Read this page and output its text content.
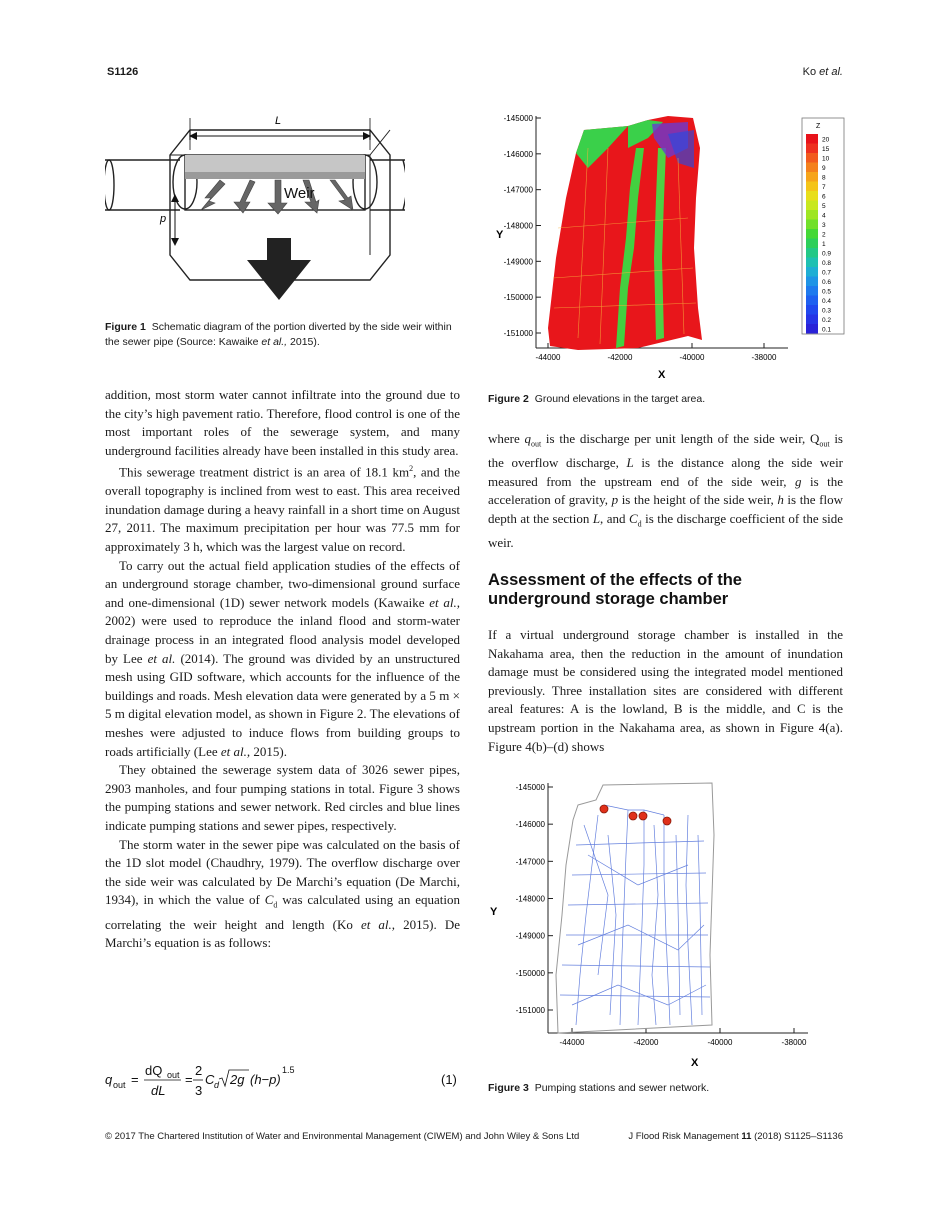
S1126	Ko et al.
L
p
Weir
Figure 1 Schematic diagram of the portion diverted by the side weir within the sewer pipe (Source: Kawaike et al., 2015).
-145000
-146000
-147000
-148000
-149000
-150000
-151000
-44000	-42000	-40000	-38000
Y
X
Z
20
15
10
9
8
7
6
5
4
3
2
1
0.9
0.8
0.7
0.6
0.5
0.4
0.3
0.2
0.1
Figure 2 Ground elevations in the target area.
-145000
-146000
-147000
-148000
-149000
-150000
-151000
-44000	-42000	-40000	-38000
Y
X
Figure 3 Pumping stations and sewer network.

addition, most storm water cannot infiltrate into the ground due to the city’s high pavement ratio. Therefore, flood control is one of the most important roles of the sewerage system, and many underground facilities already have been installed in this study area.

This sewerage treatment district is an area of 18.1 $km^2$, and the overall topography is inclined from west to east. This area received inundation damage during a heavy rainfall in a short time on August 27, 2011. The maximum precipitation per hour was 77.5 mm for approximately 3 h, which was the largest value on record.

To carry out the actual field application studies of the effects of an underground storage chamber, two-dimensional ground surface and one-dimensional (1D) sewer network models (Kawaike et al., 2002) were used to reproduce the inland flood and storm-water drainage process in an integrated flood analysis model developed by Lee et al. (2014). The ground was divided by an unstructured mesh using GID software, which accounts for the influence of the buildings and roads. Mesh elevation data were generated by a 5 m × 5 m digital elevation model, as shown in Figure 2. The elevations of meshes were adjusted to induce flows from building groups to roads artificially (Lee et al., 2015).

They obtained the sewerage system data of 3026 sewer pipes, 2903 manholes, and four pumping stations in total. Figure 3 shows the pumping stations and sewer network. Red circles and blue lines indicate pumping stations and sewer pipes, respectively.

The storm water in the sewer pipe was calculated on the basis of the 1D slot model (Chaudhry, 1979). The overflow discharge over the side weir was calculated by De Marchi’s equation (De Marchi, 1934), in which the value of $C_d$ was calculated using an equation correlating the weir height and length (Ko et al., 2015). De Marchi’s equation is as follows:

q out =
dQ out
dL
=
2
3
C d 2g (h−p)
1.5
(1)

where $q_{out}$ is the discharge per unit length of the side weir, $Q_{out}$ is the overflow discharge, L is the distance along the side weir measured from the upstream end of the side weir, g is the acceleration of gravity, p is the height of the side weir, h is the flow depth at the section L, and $C_d$ is the discharge coefficient of the side weir.

Assessment of the effects of the underground storage chamber

If a virtual underground storage chamber is installed in the Nakahama area, then the reduction in the amount of inundation damage must be considered using the integrated model mentioned previously. Three installation sites are considered with different areal features: A is the lowland, B is the middle, and C is the upstream portion in the Nakahama area, as shown in Figure 4(a). Figure 4(b)–(d) shows

© 2017 The Chartered Institution of Water and Environmental Management (CIWEM) and John Wiley & Sons Ltd	J Flood Risk Management 11 (2018) S1125–S1136
